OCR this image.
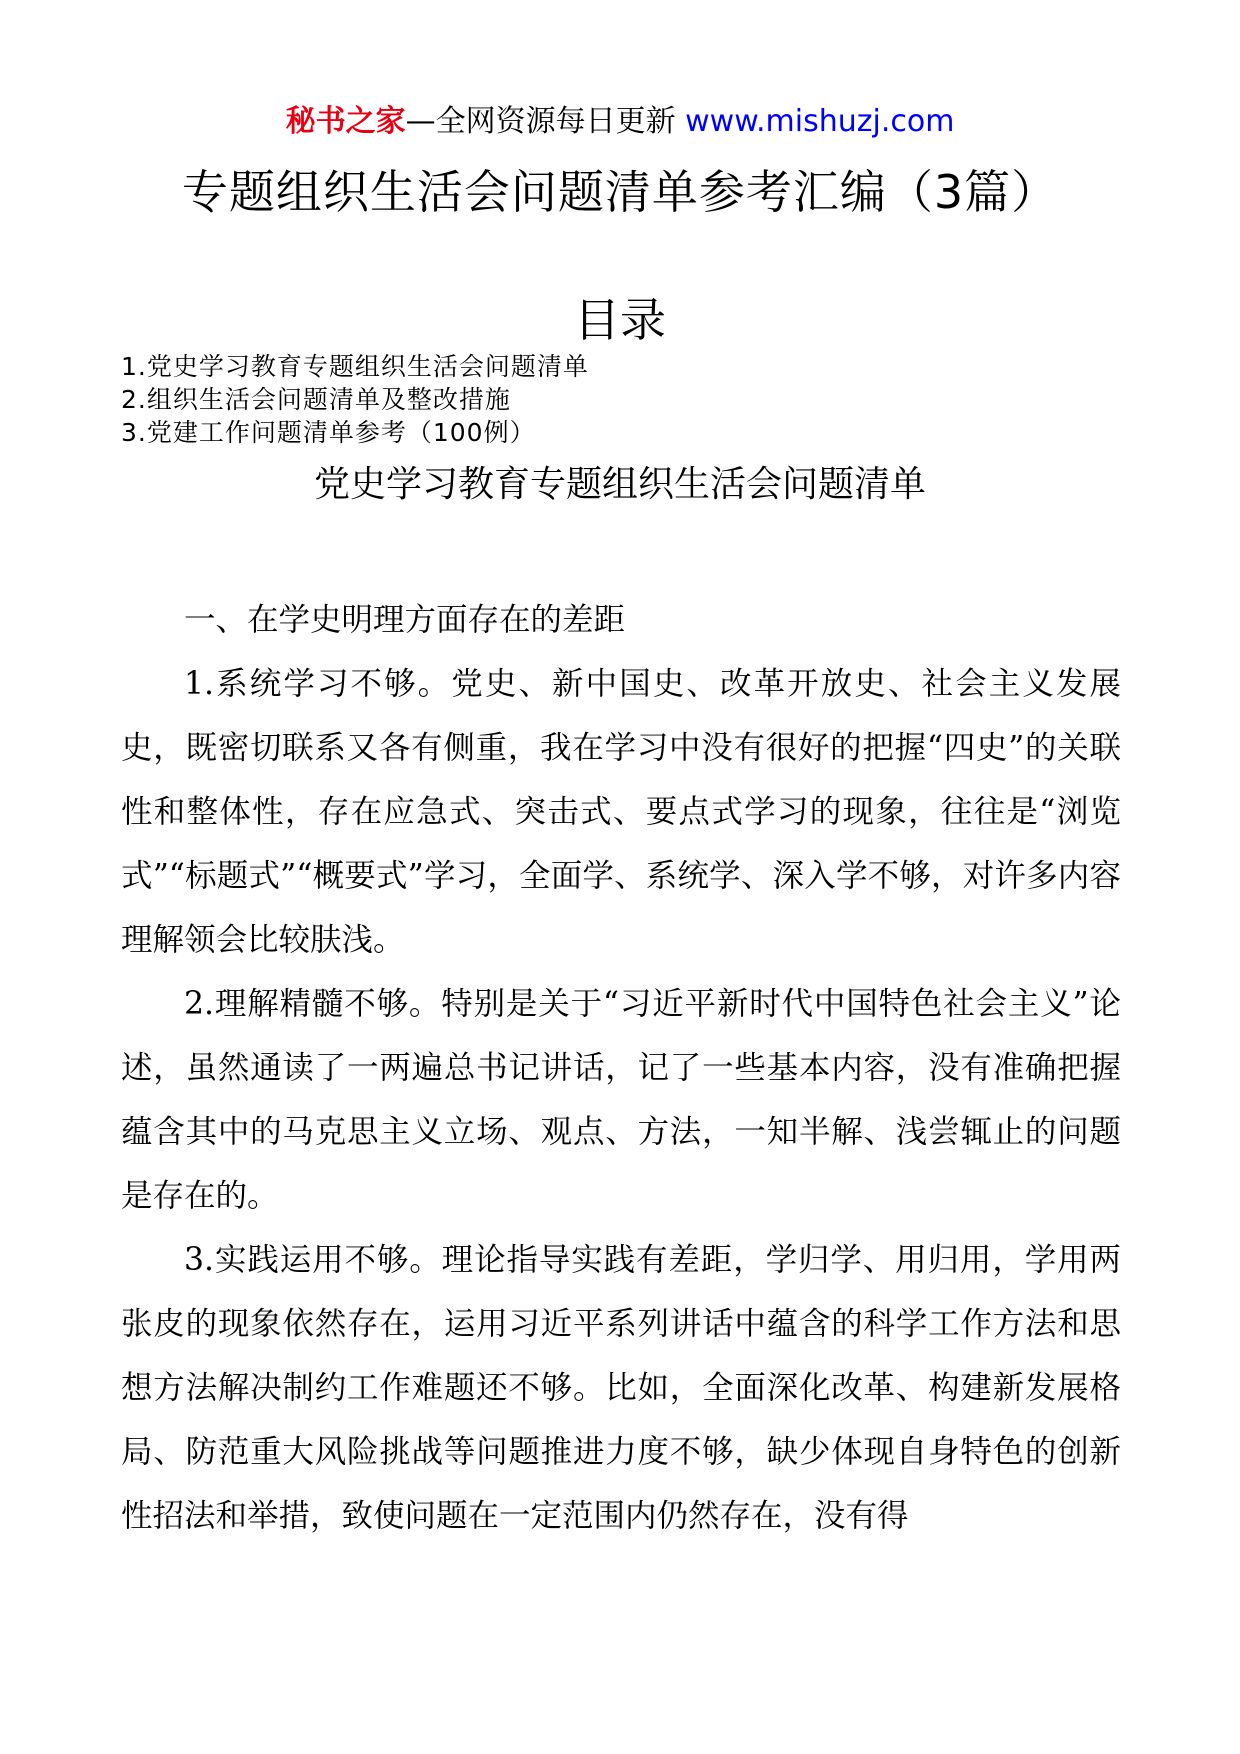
秘书之家—全网资源每日更新 www.mishuzj.com
专题组织生活会问题清单参考汇编（3篇）
目录
1.党史学习教育专题组织生活会问题清单
2.组织生活会问题清单及整改措施
3.党建工作问题清单参考（100例）
党史学习教育专题组织生活会问题清单

一、在学史明理方面存在的差距

1.系统学习不够。党史、新中国史、改革开放史、社会主义发展史，既密切联系又各有侧重，我在学习中没有很好的把握“四史”的关联性和整体性，存在应急式、突击式、要点式学习的现象，往往是“浏览式”“标题式”“概要式”学习，全面学、系统学、深入学不够，对许多内容理解领会比较肤浅。

2.理解精髓不够。特别是关于“习近平新时代中国特色社会主义”论述，虽然通读了一两遍总书记讲话，记了一些基本内容，没有准确把握蕴含其中的马克思主义立场、观点、方法，一知半解、浅尝辄止的问题是存在的。

3.实践运用不够。理论指导实践有差距，学归学、用归用，学用两张皮的现象依然存在，运用习近平系列讲话中蕴含的科学工作方法和思想方法解决制约工作难题还不够。比如，全面深化改革、构建新发展格局、防范重大风险挑战等问题推进力度不够，缺少体现自身特色的创新性招法和举措，致使问题在一定范围内仍然存在，没有得
